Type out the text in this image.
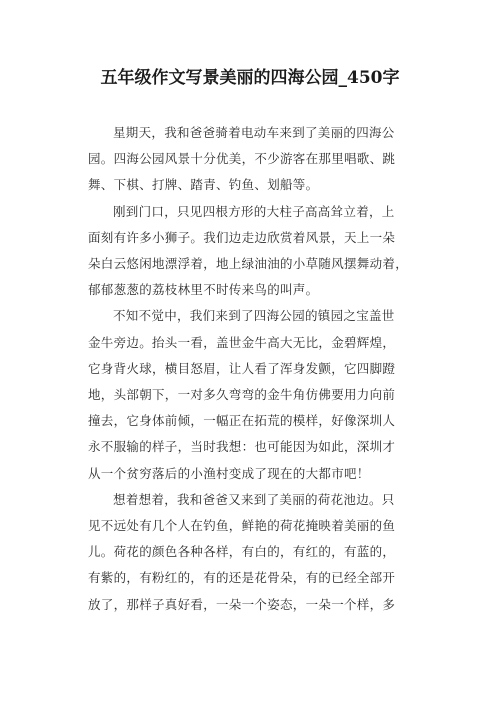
五年级作文写景美丽的四海公园_450字

星期天，我和爸爸骑着电动车来到了美丽的四海公
园。四海公园风景十分优美，不少游客在那里唱歌、跳
舞、下棋、打牌、踏青、钓鱼、划船等。

刚到门口，只见四根方形的大柱子高高耸立着，上
面刻有许多小狮子。我们边走边欣赏着风景，天上一朵
朵白云悠闲地漂浮着，地上绿油油的小草随风摆舞动着，
郁郁葱葱的荔枝林里不时传来鸟的叫声。

不知不觉中，我们来到了四海公园的镇园之宝盖世
金牛旁边。抬头一看，盖世金牛高大无比，金碧辉煌，
它身背火球，横目怒眉，让人看了浑身发颤，它四脚蹬
地，头部朝下，一对多久弯弯的金牛角仿佛要用力向前
撞去，它身体前倾，一幅正在拓荒的模样，好像深圳人
永不服输的样子，当时我想：也可能因为如此，深圳才
从一个贫穷落后的小渔村变成了现在的大都市吧！

想着想着，我和爸爸又来到了美丽的荷花池边。只
见不远处有几个人在钓鱼，鲜艳的荷花掩映着美丽的鱼
儿。荷花的颜色各种各样，有白的，有红的，有蓝的，
有紫的，有粉红的，有的还是花骨朵，有的已经全部开
放了，那样子真好看，一朵一个姿态，一朵一个样，多
